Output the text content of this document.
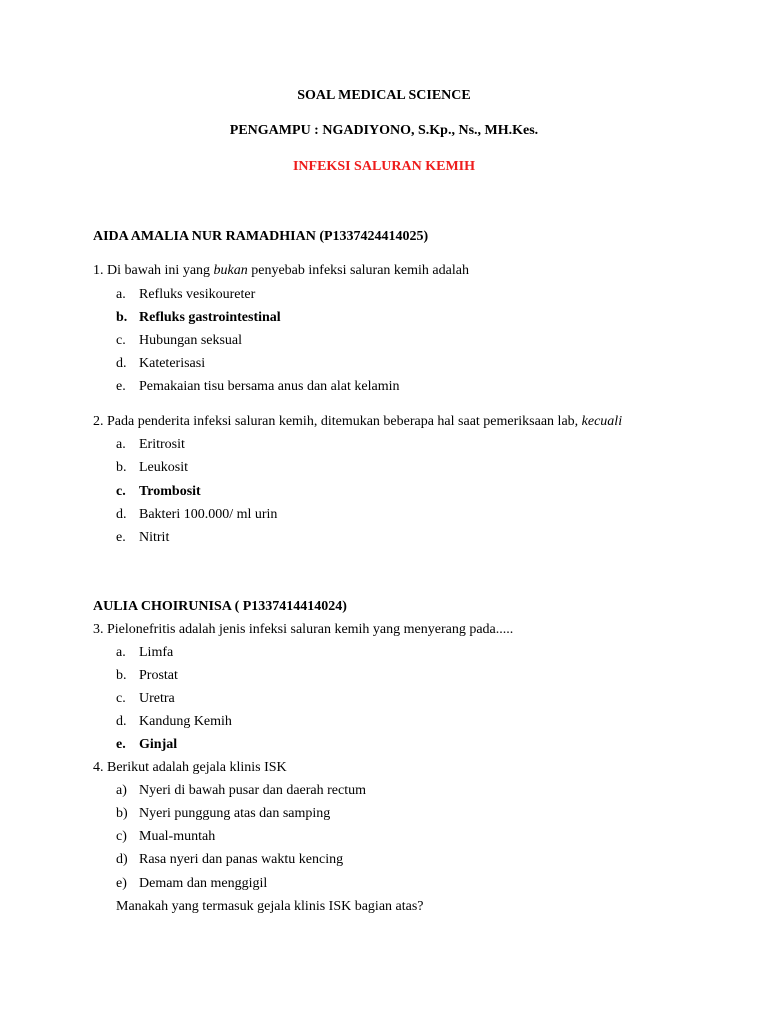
SOAL MEDICAL SCIENCE
PENGAMPU : NGADIYONO, S.Kp., Ns., MH.Kes.
INFEKSI SALURAN KEMIH
AIDA AMALIA NUR RAMADHIAN (P1337424414025)
1. Di bawah ini yang bukan penyebab infeksi saluran kemih adalah
a. Refluks vesikoureter
b. Refluks gastrointestinal
c. Hubungan seksual
d. Kateterisasi
e. Pemakaian tisu bersama anus dan alat kelamin
2. Pada penderita infeksi saluran kemih, ditemukan beberapa hal saat pemeriksaan lab, kecuali
a. Eritrosit
b. Leukosit
c. Trombosit
d. Bakteri 100.000/ ml urin
e. Nitrit
AULIA CHOIRUNISA ( P1337414414024)
3. Pielonefritis adalah jenis infeksi saluran kemih yang menyerang pada.....
a. Limfa
b. Prostat
c. Uretra
d. Kandung Kemih
e. Ginjal
4. Berikut adalah gejala klinis ISK
a) Nyeri di bawah pusar dan daerah rectum
b) Nyeri punggung atas dan samping
c) Mual-muntah
d) Rasa nyeri dan panas waktu kencing
e) Demam dan menggigil
Manakah yang termasuk gejala klinis ISK bagian atas?
